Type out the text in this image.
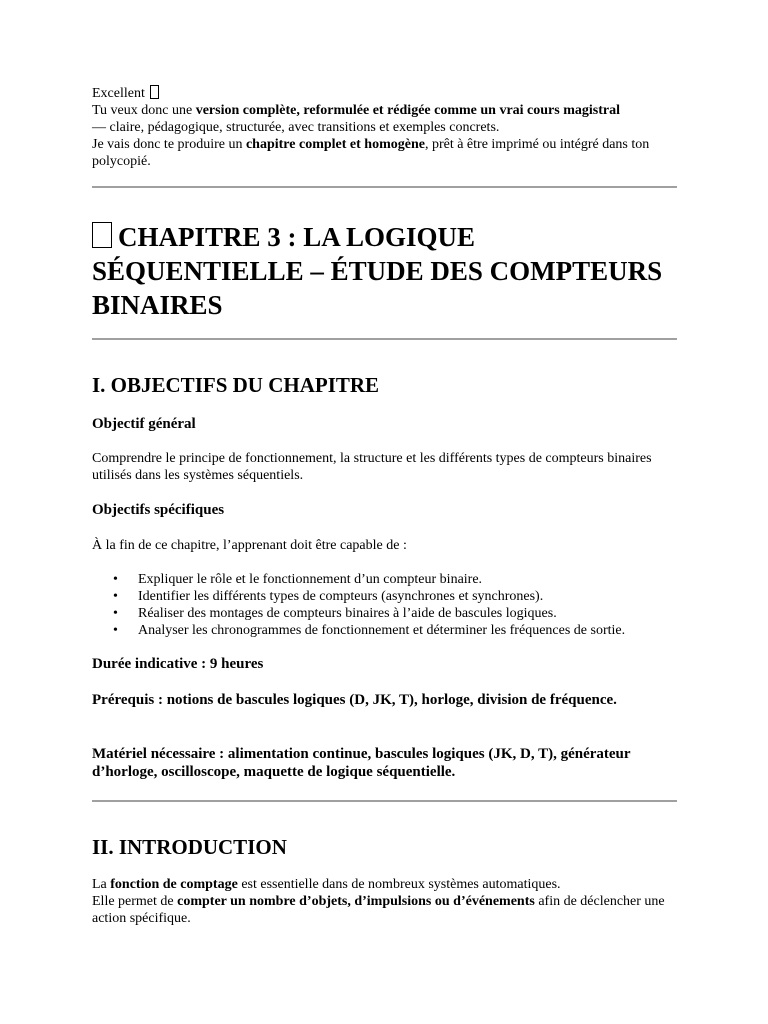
Excellent

Tu veux donc une version complète, reformulée et rédigée comme un vrai cours magistral

— claire, pédagogique, structurée, avec transitions et exemples concrets.

Je vais donc te produire un chapitre complet et homogène, prêt à être imprimé ou intégré dans ton polycopié.

CHAPITRE 3 : LA LOGIQUE SÉQUENTIELLE – ÉTUDE DES COMPTEURS BINAIRES
I. OBJECTIFS DU CHAPITRE
Objectif général

Comprendre le principe de fonctionnement, la structure et les différents types de compteurs binaires utilisés dans les systèmes séquentiels.

Objectifs spécifiques

À la fin de ce chapitre, l’apprenant doit être capable de :

• Expliquer le rôle et le fonctionnement d’un compteur binaire.
• Identifier les différents types de compteurs (asynchrones et synchrones).
• Réaliser des montages de compteurs binaires à l’aide de bascules logiques.
• Analyser les chronogrammes de fonctionnement et déterminer les fréquences de sortie.

Durée indicative : 9 heures

Prérequis : notions de bascules logiques (D, JK, T), horloge, division de fréquence.

Matériel nécessaire : alimentation continue, bascules logiques (JK, D, T), générateur d’horloge, oscilloscope, maquette de logique séquentielle.

II. INTRODUCTION

La fonction de comptage est essentielle dans de nombreux systèmes automatiques.
Elle permet de compter un nombre d’objets, d’impulsions ou d’événements afin de déclencher une action spécifique.
